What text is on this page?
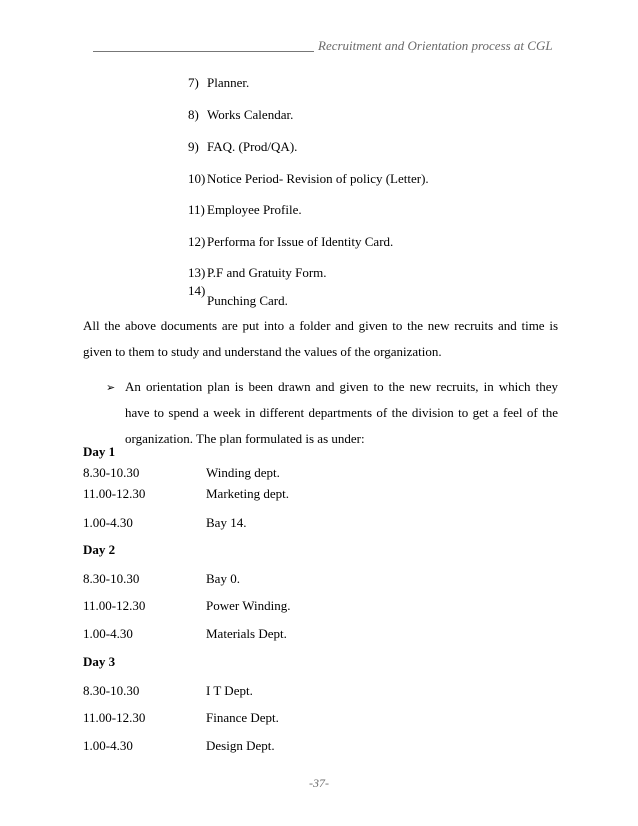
Recruitment and Orientation process at CGL
7) Planner.
8) Works Calendar.
9) FAQ. (Prod/QA).
10) Notice Period- Revision of policy (Letter).
11) Employee Profile.
12) Performa for Issue of Identity Card.
13) P.F and Gratuity Form.
14)
Punching Card.
All the above documents are put into a folder and given to the new recruits and time is given to them to study and understand the values of the organization.
➢ An orientation plan is been drawn and given to the new recruits, in which they have to spend a week in different departments of the division to get a feel of the organization. The plan formulated is as under:
Day 1
8.30-10.30	Winding dept.
11.00-12.30	Marketing dept.
1.00-4.30	Bay 14.
Day 2
8.30-10.30	Bay 0.
11.00-12.30	Power Winding.
1.00-4.30	Materials Dept.
Day 3
8.30-10.30	I T Dept.
11.00-12.30	Finance Dept.
1.00-4.30	Design Dept.
-37-
